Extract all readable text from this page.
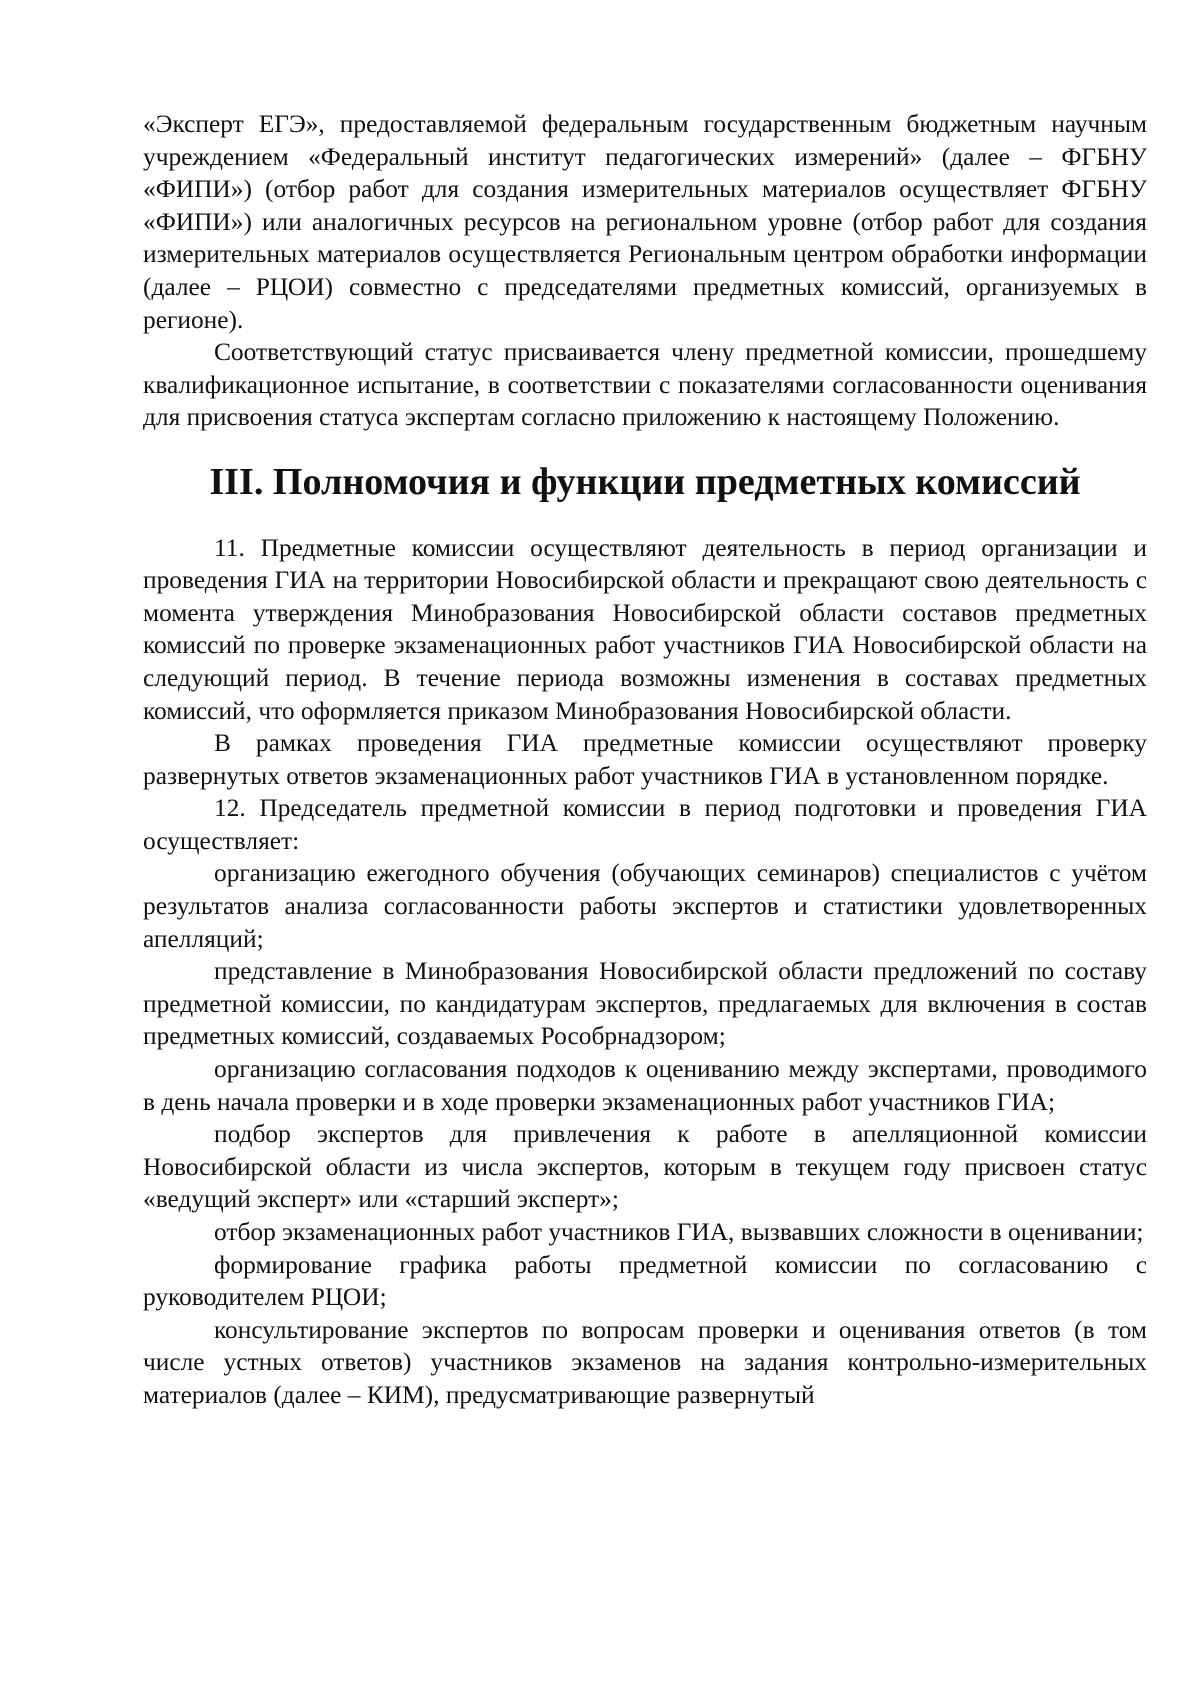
«Эксперт ЕГЭ», предоставляемой федеральным государственным бюджетным научным учреждением «Федеральный институт педагогических измерений» (далее – ФГБНУ «ФИПИ») (отбор работ для создания измерительных материалов осуществляет ФГБНУ «ФИПИ») или аналогичных ресурсов на региональном уровне (отбор работ для создания измерительных материалов осуществляется Региональным центром обработки информации (далее – РЦОИ) совместно с председателями предметных комиссий, организуемых в регионе).

Соответствующий статус присваивается члену предметной комиссии, прошедшему квалификационное испытание, в соответствии с показателями согласованности оценивания для присвоения статуса экспертам согласно приложению к настоящему Положению.

III. Полномочия и функции предметных комиссий

11. Предметные комиссии осуществляют деятельность в период организации и проведения ГИА на территории Новосибирской области и прекращают свою деятельность с момента утверждения Минобразования Новосибирской области составов предметных комиссий по проверке экзаменационных работ участников ГИА Новосибирской области на следующий период. В течение периода возможны изменения в составах предметных комиссий, что оформляется приказом Минобразования Новосибирской области.

В рамках проведения ГИА предметные комиссии осуществляют проверку развернутых ответов экзаменационных работ участников ГИА в установленном порядке.

12. Председатель предметной комиссии в период подготовки и проведения ГИА осуществляет:

организацию ежегодного обучения (обучающих семинаров) специалистов с учётом результатов анализа согласованности работы экспертов и статистики удовлетворенных апелляций;

представление в Минобразования Новосибирской области предложений по составу предметной комиссии, по кандидатурам экспертов, предлагаемых для включения в состав предметных комиссий, создаваемых Рособрнадзором;

организацию согласования подходов к оцениванию между экспертами, проводимого в день начала проверки и в ходе проверки экзаменационных работ участников ГИА;

подбор экспертов для привлечения к работе в апелляционной комиссии Новосибирской области из числа экспертов, которым в текущем году присвоен статус «ведущий эксперт» или «старший эксперт»;

отбор экзаменационных работ участников ГИА, вызвавших сложности в оценивании;

формирование графика работы предметной комиссии по согласованию с руководителем РЦОИ;

консультирование экспертов по вопросам проверки и оценивания ответов (в том числе устных ответов) участников экзаменов на задания контрольно-измерительных материалов (далее – КИМ), предусматривающие развернутый
